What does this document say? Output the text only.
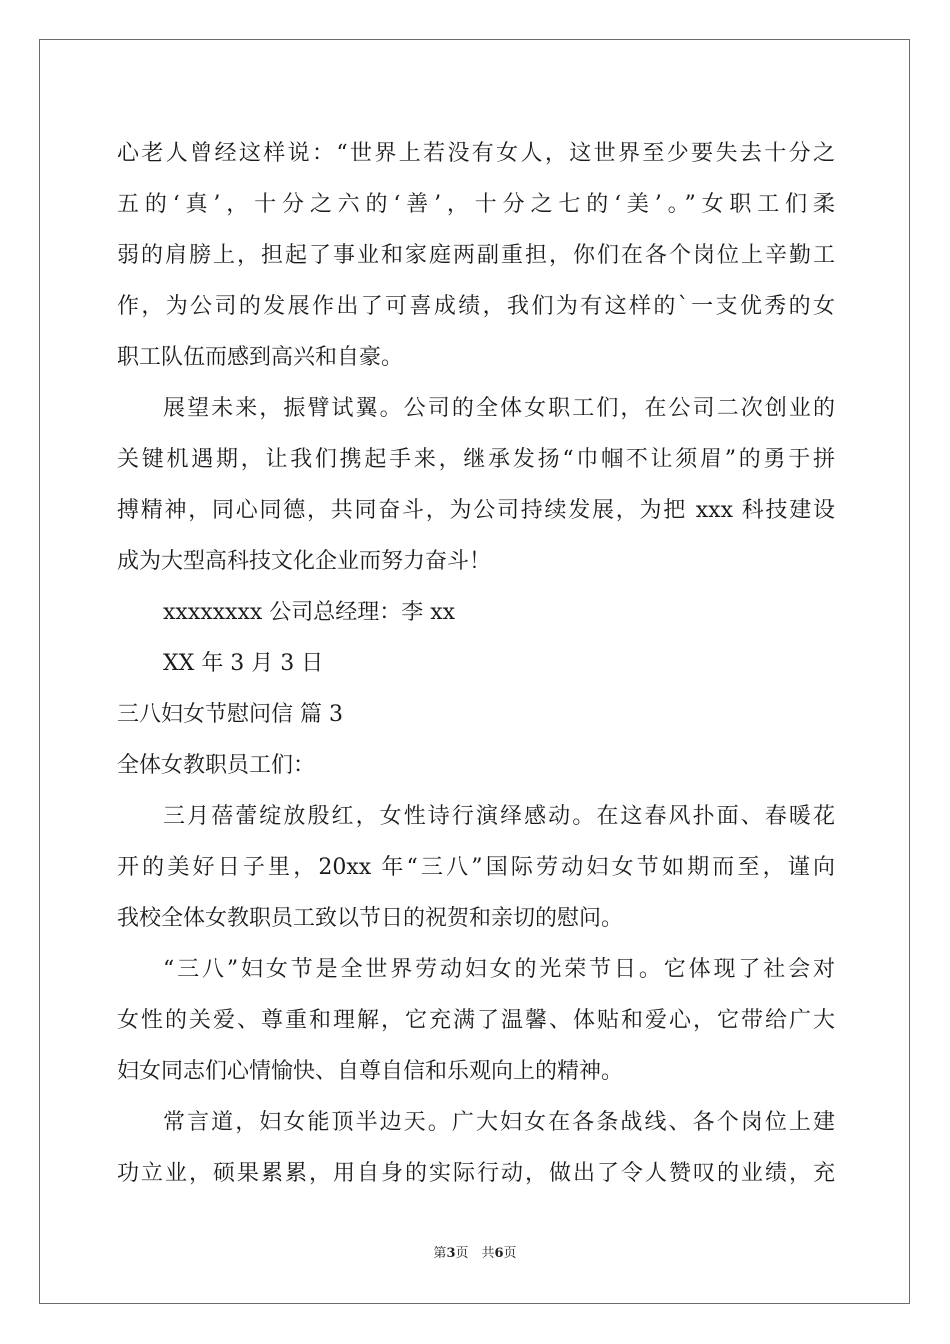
心老人曾经这样说：“世界上若没有女人，这世界至少要失去十分之
五的‘真’，十分之六的‘善’，十分之七的‘美’。”女职工们柔
弱的肩膀上，担起了事业和家庭两副重担，你们在各个岗位上辛勤工
作，为公司的发展作出了可喜成绩，我们为有这样的`一支优秀的女
职工队伍而感到高兴和自豪。
展望未来，振臂试翼。公司的全体女职工们，在公司二次创业的
关键机遇期，让我们携起手来，继承发扬“巾帼不让须眉”的勇于拼
搏精神，同心同德，共同奋斗，为公司持续发展，为把 xxx 科技建设
成为大型高科技文化企业而努力奋斗！
xxxxxxxx 公司总经理：李 xx
XX 年 3 月 3 日
三八妇女节慰问信 篇 3
全体女教职员工们：
三月蓓蕾绽放殷红，女性诗行演绎感动。在这春风扑面、春暖花
开的美好日子里，20xx 年“三八”国际劳动妇女节如期而至，谨向
我校全体女教职员工致以节日的祝贺和亲切的慰问。
“三八”妇女节是全世界劳动妇女的光荣节日。它体现了社会对
女性的关爱、尊重和理解，它充满了温馨、体贴和爱心，它带给广大
妇女同志们心情愉快、自尊自信和乐观向上的精神。
常言道，妇女能顶半边天。广大妇女在各条战线、各个岗位上建
功立业，硕果累累，用自身的实际行动，做出了令人赞叹的业绩，充
第3页　共6页
